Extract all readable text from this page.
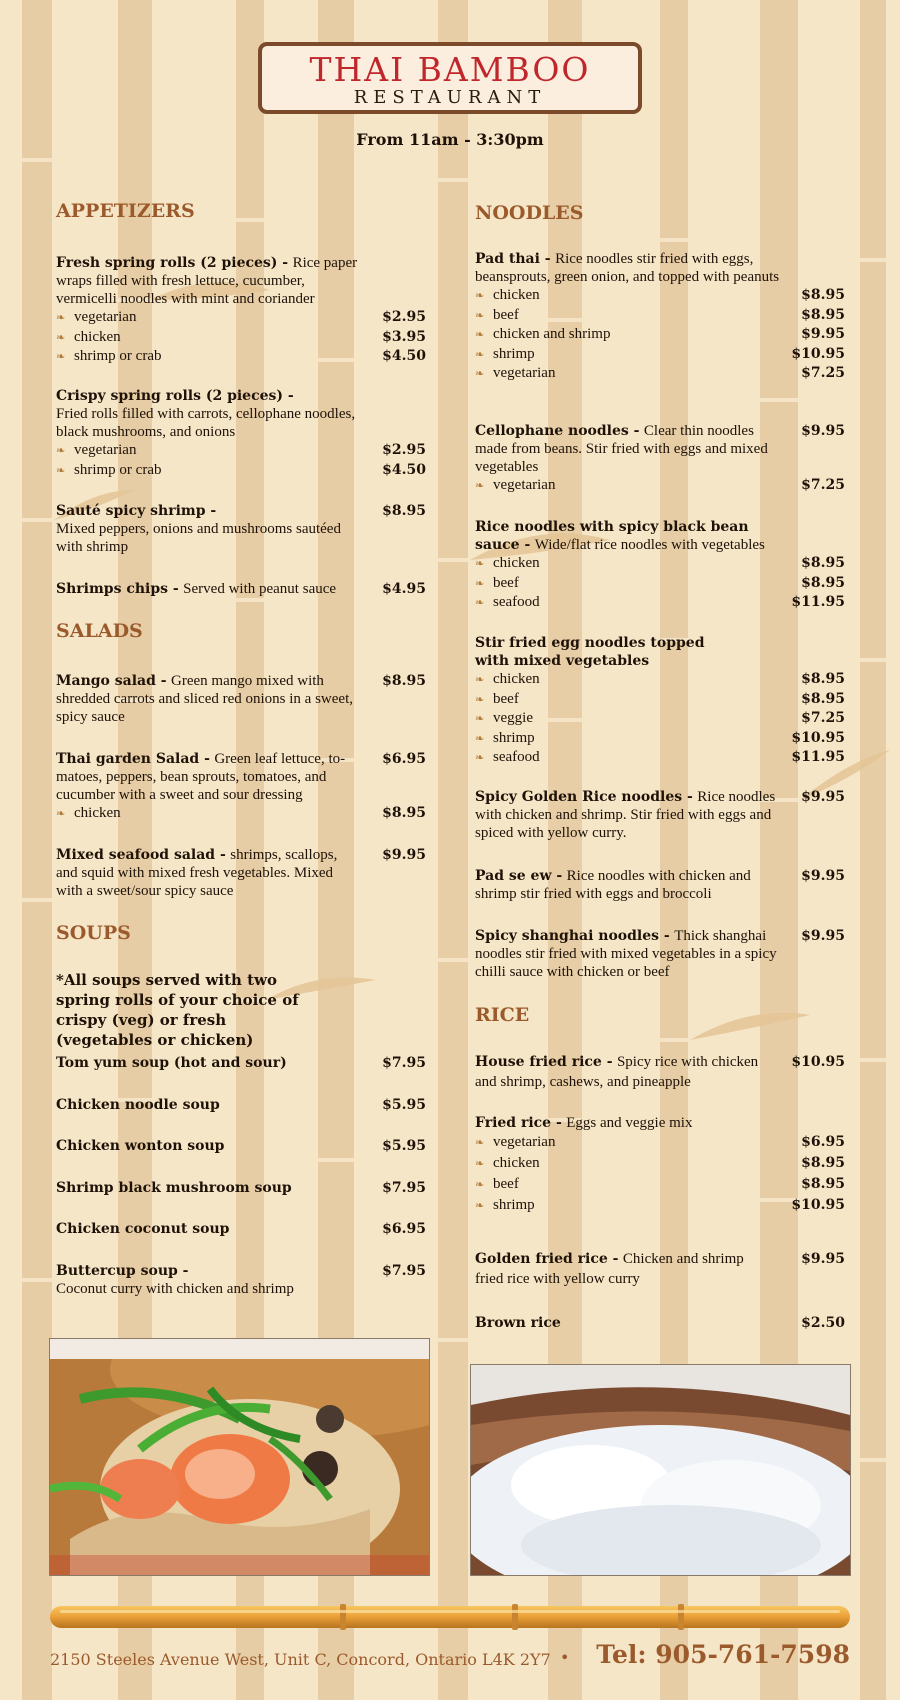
THAI BAMBOO
RESTAURANT
From 11am - 3:30pm
APPETIZERS
Fresh spring rolls (2 pieces) - Rice paper wraps filled with fresh lettuce, cucumber, vermicelli noodles with mint and coriander
❧ vegetarian	$2.95
❧ chicken	$3.95
❧ shrimp or crab	$4.50
Crispy spring rolls (2 pieces) -
Fried rolls filled with carrots, cellophane noodles, black mushrooms, and onions
❧ vegetarian	$2.95
❧ shrimp or crab	$4.50
Sauté spicy shrimp -
Mixed peppers, onions and mushrooms sautéed with shrimp
$8.95
Shrimps chips - Served with peanut sauce	$4.95
SALADS
Mango salad - Green mango mixed with shredded carrots and sliced red onions in a sweet, spicy sauce
$8.95
Thai garden Salad - Green leaf lettuce, to-matoes, peppers, bean sprouts, tomatoes, and cucumber with a sweet and sour dressing
$6.95
❧ chicken	$8.95
Mixed seafood salad - shrimps, scallops, and squid with mixed fresh vegetables. Mixed with a sweet/sour spicy sauce
$9.95
SOUPS
*All soups served with two spring rolls of your choice of crispy (veg) or fresh (vegetables or chicken)
Tom yum soup (hot and sour)	$7.95
Chicken noodle soup	$5.95
Chicken wonton soup	$5.95
Shrimp black mushroom soup	$7.95
Chicken coconut soup	$6.95
Buttercup soup -
Coconut curry with chicken and shrimp
$7.95
NOODLES
Pad thai - Rice noodles stir fried with eggs, beansprouts, green onion, and topped with peanuts
❧ chicken	$8.95
❧ beef	$8.95
❧ chicken and shrimp	$9.95
❧ shrimp	$10.95
❧ vegetarian	$7.25
Cellophane noodles - Clear thin noodles made from beans. Stir fried with eggs and mixed vegetables
$9.95
❧ vegetarian	$7.25
Rice noodles with spicy black bean sauce - Wide/flat rice noodles with vegetables
❧ chicken	$8.95
❧ beef	$8.95
❧ seafood	$11.95
Stir fried egg noodles topped with mixed vegetables
❧ chicken	$8.95
❧ beef	$8.95
❧ veggie	$7.25
❧ shrimp	$10.95
❧ seafood	$11.95
Spicy Golden Rice noodles - Rice noodles with chicken and shrimp. Stir fried with eggs and spiced with yellow curry.
$9.95
Pad se ew - Rice noodles with chicken and shrimp stir fried with eggs and broccoli
$9.95
Spicy shanghai noodles - Thick shanghai noodles stir fried with mixed vegetables in a spicy chilli sauce with chicken or beef
$9.95
RICE
House fried rice - Spicy rice with chicken and shrimp, cashews, and pineapple
$10.95
Fried rice - Eggs and veggie mix
❧ vegetarian	$6.95
❧ chicken	$8.95
❧ beef	$8.95
❧ shrimp	$10.95
Golden fried rice - Chicken and shrimp fried rice with yellow curry
$9.95
Brown rice	$2.50
2150 Steeles Avenue West, Unit C, Concord, Ontario L4K 2Y7 • Tel: 905-761-7598
